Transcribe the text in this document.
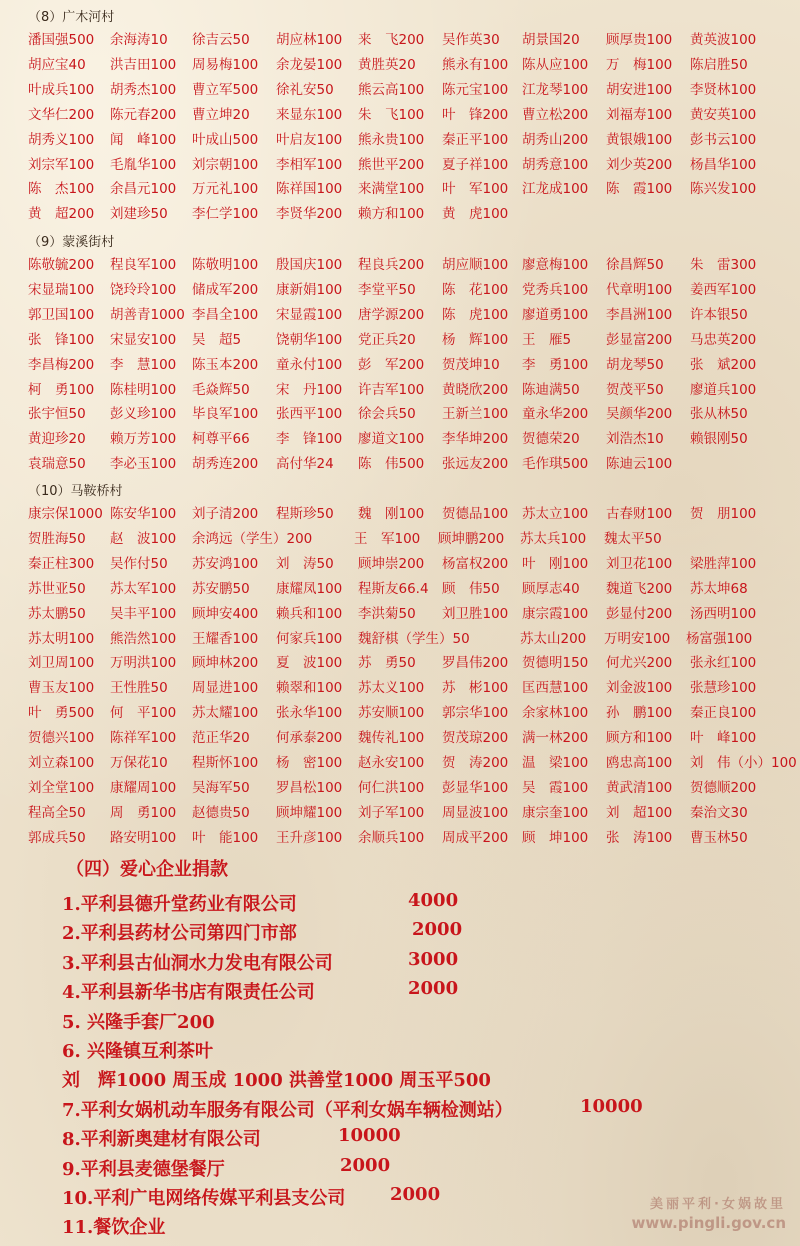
（8）广木河村
潘国强500 余海涛10 徐吉云50 胡应林100 来　飞200 吴作英30 胡景国20 顾厚贵100 黄英波100
胡应宝40 洪吉田100 周易梅100 余龙晏100 黄胜英20 熊永有100 陈从应100 万　梅100 陈启胜50
叶成兵100 胡秀杰100 曹立军500 徐礼安50 熊云高100 陈元宝100 江龙琴100 胡安进100 李贤林100
文华仁200 陈元春200 曹立坤20 来显东100 朱　飞100 叶　锋200 曹立松200 刘福寿100 黄安英100
胡秀义100 闻　峰100 叶成山500 叶启友100 熊永贵100 秦正平100 胡秀山200 黄银娥100 彭书云100
刘宗军100 毛胤华100 刘宗朝100 李相军100 熊世平200 夏子祥100 胡秀意100 刘少英200 杨昌华100
陈　杰100 余昌元100 万元礼100 陈祥国100 来满堂100 叶　军100 江龙成100 陈　霞100 陈兴发100
黄　超200 刘建珍50 李仁学100 李贤华200 赖方和100 黄　虎100
（9）蒙溪街村
陈敬毓200 程良军100 陈敬明100 殷国庆100 程良兵200 胡应顺100 廖意梅100 徐昌辉50 朱　雷300
宋显瑞100 饶玲玲100 储成军200 康新娟100 李堂平50 陈　花100 党秀兵100 代章明100 姜西军100
郭卫国100 胡善青1000 李昌全100 宋显霞100 唐学源200 陈　虎100 廖道勇100 李昌洲100 许本银50
张　锋100 宋显安100 吴　超5	饶朝华100 党正兵20 杨　辉100 王　雁5	彭显富200 马忠英200
李昌梅200 李　慧100 陈玉本200 童永付100 彭　军200 贺茂坤10 李　勇100 胡龙琴50 张　斌200
柯　勇100 陈桂明100 毛焱辉50 宋　丹100 许吉军100 黄晓欣200 陈迪满50 贺茂平50 廖道兵100
张宇恒50 彭义珍100 毕良军100 张西平100 徐会兵50 王新兰100 童永华200 吴颜华200 张从林50
黄迎珍20 赖万芳100 柯尊平66 李　锋100 廖道文100 李华坤200 贺德荣20 刘浩杰10 赖银刚50
袁瑞意50 李必玉100 胡秀连200 高付华24 陈　伟500 张远友200 毛作琪500 陈迪云100
（10）马鞍桥村
康宗保1000 陈安华100 刘子清200 程斯珍50 魏　刚100 贺德品100 苏太立100 古春财100 贺　朋100
贺胜海50 赵　波100 余鸿远（学生）200	王　军100 顾坤鹏200 苏太兵100 魏太平50
秦正柱300 吴作付50 苏安鸿100 刘　涛50 顾坤崇200 杨富权200 叶　刚100 刘卫花100 梁胜萍100
苏世亚50 苏太军100 苏安鹏50 康耀凤100 程斯友66.4 顾　伟50 顾厚志40 魏道飞200 苏太坤68
苏太鹏50 吴丰平100 顾坤安400 赖兵和100 李洪菊50 刘卫胜100 康宗霞100 彭显付200 汤西明100
苏太明100 熊浩然100 王耀香100 何家兵100 魏舒棋（学生）50	苏太山200 万明安100 杨富强100
刘卫周100 万明洪100 顾坤林200 夏　波100 苏　勇50 罗昌伟200 贺德明150 何尤兴200 张永红100
曹玉友100 王性胜50 周显进100 赖翠和100 苏太义100 苏　彬100 匡西慧100 刘金波100 张慧珍100
叶　勇500 何　平100 苏太耀100 张永华100 苏安顺100 郭宗华100 余家林100 孙　鹏100 秦正良100
贺德兴100 陈祥军100 范正华20 何承泰200 魏传礼100 贺茂琼200 满一林200 顾方和100 叶　峰100
刘立森100 万保花10 程斯怀100 杨　密100 赵永安100 贺　涛200 温　梁100 鸥忠高100 刘　伟（小）100
刘全堂100 康耀周100 吴海军50 罗昌松100 何仁洪100 彭显华100 吴　霞100 黄武清100 贺德顺200
程高全50 周　勇100 赵德贵50 顾坤耀100 刘子军100 周显波100 康宗奎100 刘　超100 秦治文30
郭成兵50 路安明100 叶　能100 王升彦100 余顺兵100 周成平200 顾　坤100 张　涛100 曹玉林50
（四）爱心企业捐款
1.平利县德升堂药业有限公司	4000
2.平利县药材公司第四门市部	2000
3.平利县古仙洞水力发电有限公司	3000
4.平利县新华书店有限责任公司	2000
5. 兴隆手套厂200
6. 兴隆镇互利茶叶
刘　辉1000 周玉成 1000 洪善堂1000 周玉平500
7.平利女娲机动车服务有限公司（平利女娲车辆检测站）	10000
8.平利新奥建材有限公司	10000
9.平利县麦德堡餐厅	2000
10.平利广电网络传媒平利县支公司 2000
11.餐饮企业
美丽平利·女娲故里
www.pingli.gov.cn
